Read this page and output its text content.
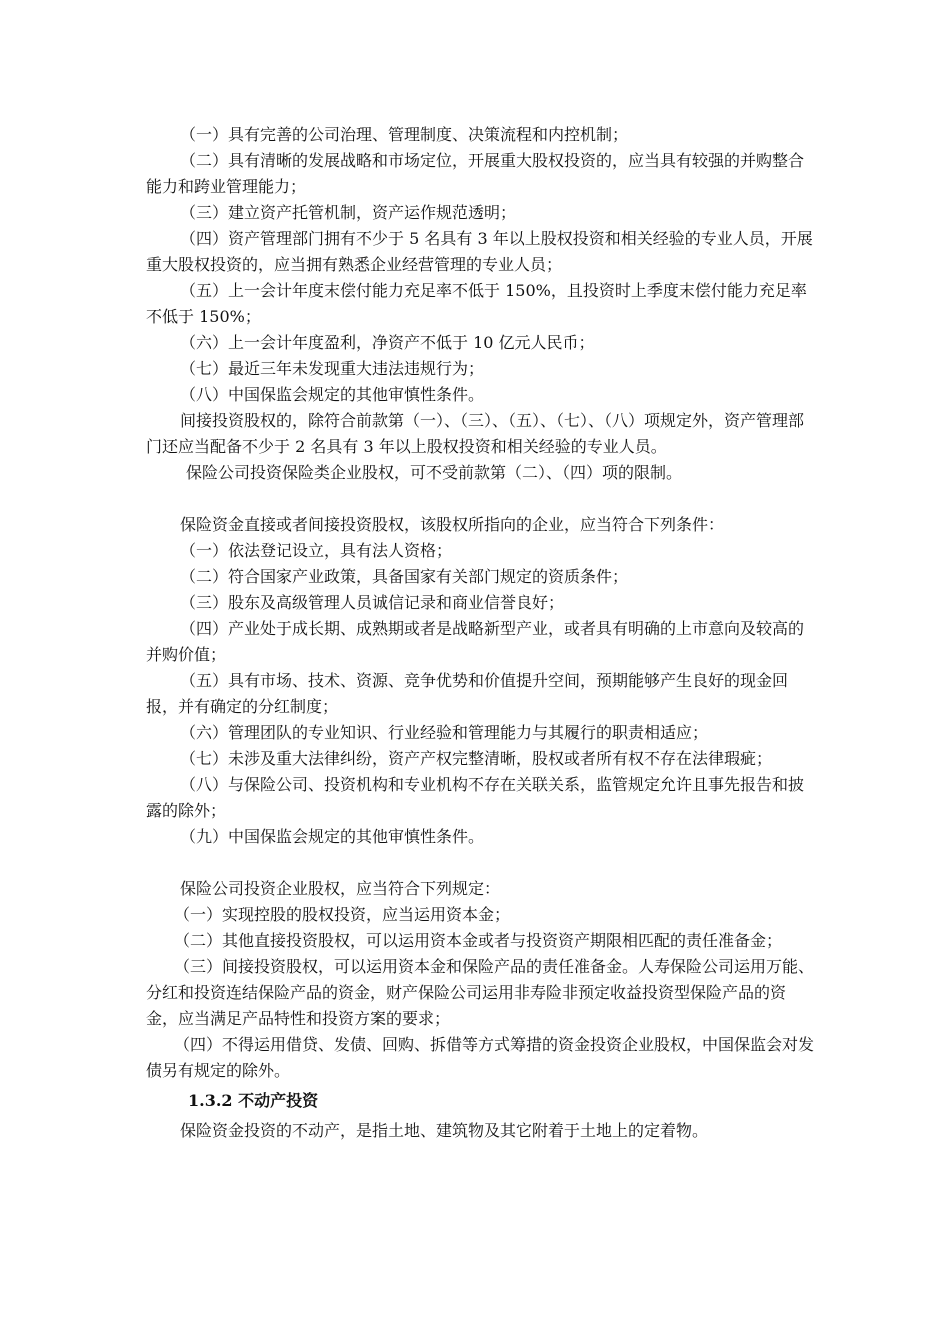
（一）具有完善的公司治理、管理制度、决策流程和内控机制；

（二）具有清晰的发展战略和市场定位，开展重大股权投资的，应当具有较强的并购整合能力和跨业管理能力；

（三）建立资产托管机制，资产运作规范透明；

（四）资产管理部门拥有不少于 5 名具有 3 年以上股权投资和相关经验的专业人员，开展重大股权投资的，应当拥有熟悉企业经营管理的专业人员；

（五）上一会计年度末偿付能力充足率不低于 150%，且投资时上季度末偿付能力充足率不低于 150%；

（六）上一会计年度盈利，净资产不低于 10 亿元人民币；

（七）最近三年未发现重大违法违规行为；

（八）中国保监会规定的其他审慎性条件。

间接投资股权的，除符合前款第（一）、（三）、（五）、（七）、（八）项规定外，资产管理部门还应当配备不少于 2 名具有 3 年以上股权投资和相关经验的专业人员。

保险公司投资保险类企业股权，可不受前款第（二）、（四）项的限制。

保险资金直接或者间接投资股权，该股权所指向的企业，应当符合下列条件：

（一）依法登记设立，具有法人资格；

（二）符合国家产业政策，具备国家有关部门规定的资质条件；

（三）股东及高级管理人员诚信记录和商业信誉良好；

（四）产业处于成长期、成熟期或者是战略新型产业，或者具有明确的上市意向及较高的并购价值；

（五）具有市场、技术、资源、竞争优势和价值提升空间，预期能够产生良好的现金回报，并有确定的分红制度；

（六）管理团队的专业知识、行业经验和管理能力与其履行的职责相适应；

（七）未涉及重大法律纠纷，资产产权完整清晰，股权或者所有权不存在法律瑕疵；

（八）与保险公司、投资机构和专业机构不存在关联关系，监管规定允许且事先报告和披露的除外；

（九）中国保监会规定的其他审慎性条件。

保险公司投资企业股权，应当符合下列规定：

（一）实现控股的股权投资，应当运用资本金；

（二）其他直接投资股权，可以运用资本金或者与投资资产期限相匹配的责任准备金；

（三）间接投资股权，可以运用资本金和保险产品的责任准备金。人寿保险公司运用万能、分红和投资连结保险产品的资金，财产保险公司运用非寿险非预定收益投资型保险产品的资金，应当满足产品特性和投资方案的要求；

（四）不得运用借贷、发债、回购、拆借等方式筹措的资金投资企业股权，中国保监会对发债另有规定的除外。

1.3.2 不动产投资

保险资金投资的不动产，是指土地、建筑物及其它附着于土地上的定着物。
